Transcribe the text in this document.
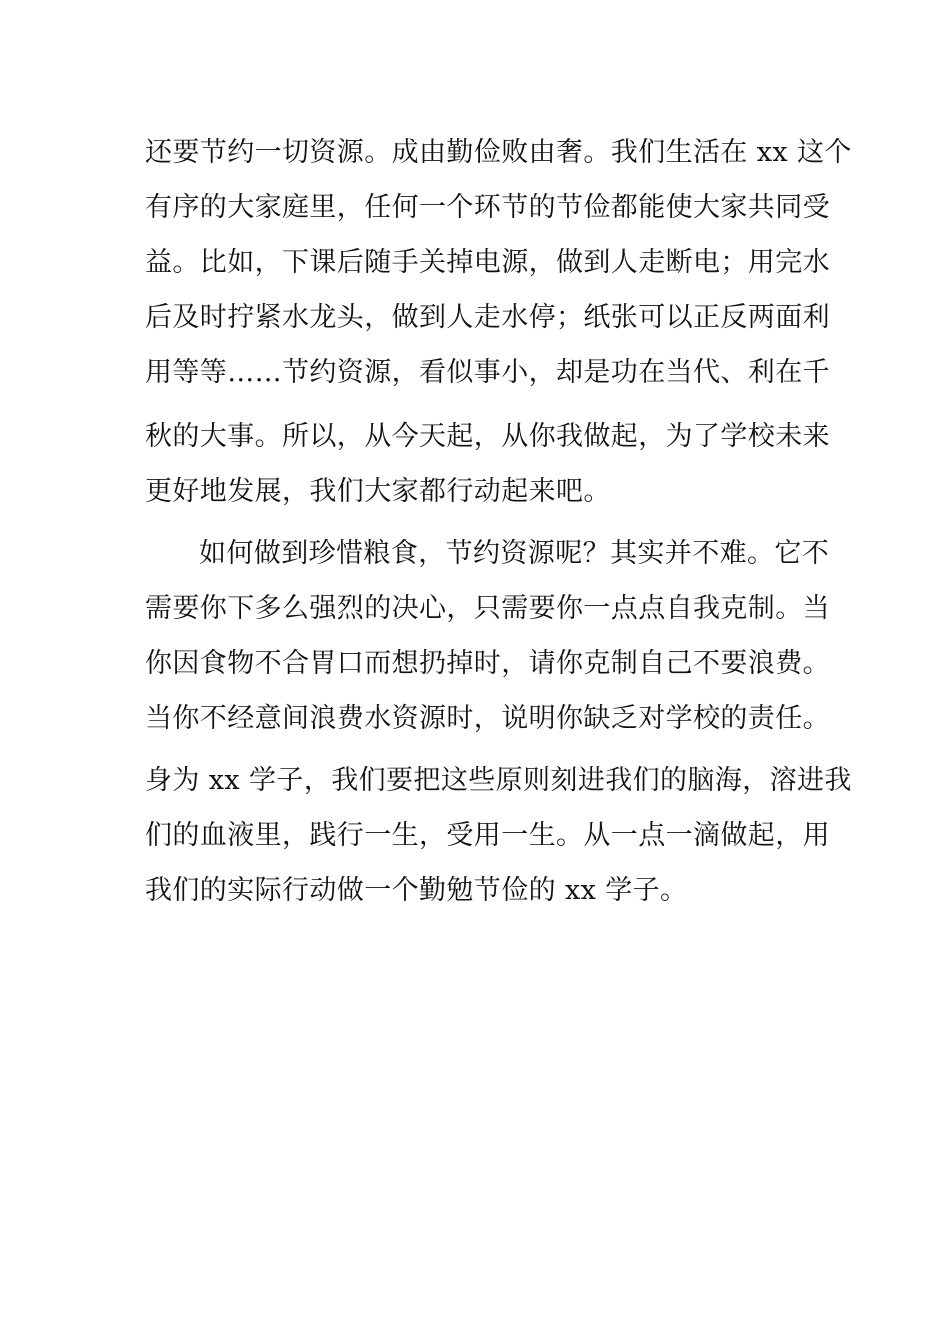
还要节约一切资源。成由勤俭败由奢。我们生活在 xx 这个
有序的大家庭里，任何一个环节的节俭都能使大家共同受
益。比如，下课后随手关掉电源，做到人走断电；用完水
后及时拧紧水龙头，做到人走水停；纸张可以正反两面利
用等等……节约资源，看似事小，却是功在当代、利在千
秋的大事。所以，从今天起，从你我做起，为了学校未来
更好地发展，我们大家都行动起来吧。
如何做到珍惜粮食，节约资源呢？其实并不难。它不
需要你下多么强烈的决心，只需要你一点点自我克制。当
你因食物不合胃口而想扔掉时，请你克制自己不要浪费。
当你不经意间浪费水资源时，说明你缺乏对学校的责任。
身为 xx 学子，我们要把这些原则刻进我们的脑海，溶进我
们的血液里，践行一生，受用一生。从一点一滴做起，用
我们的实际行动做一个勤勉节俭的 xx 学子。
